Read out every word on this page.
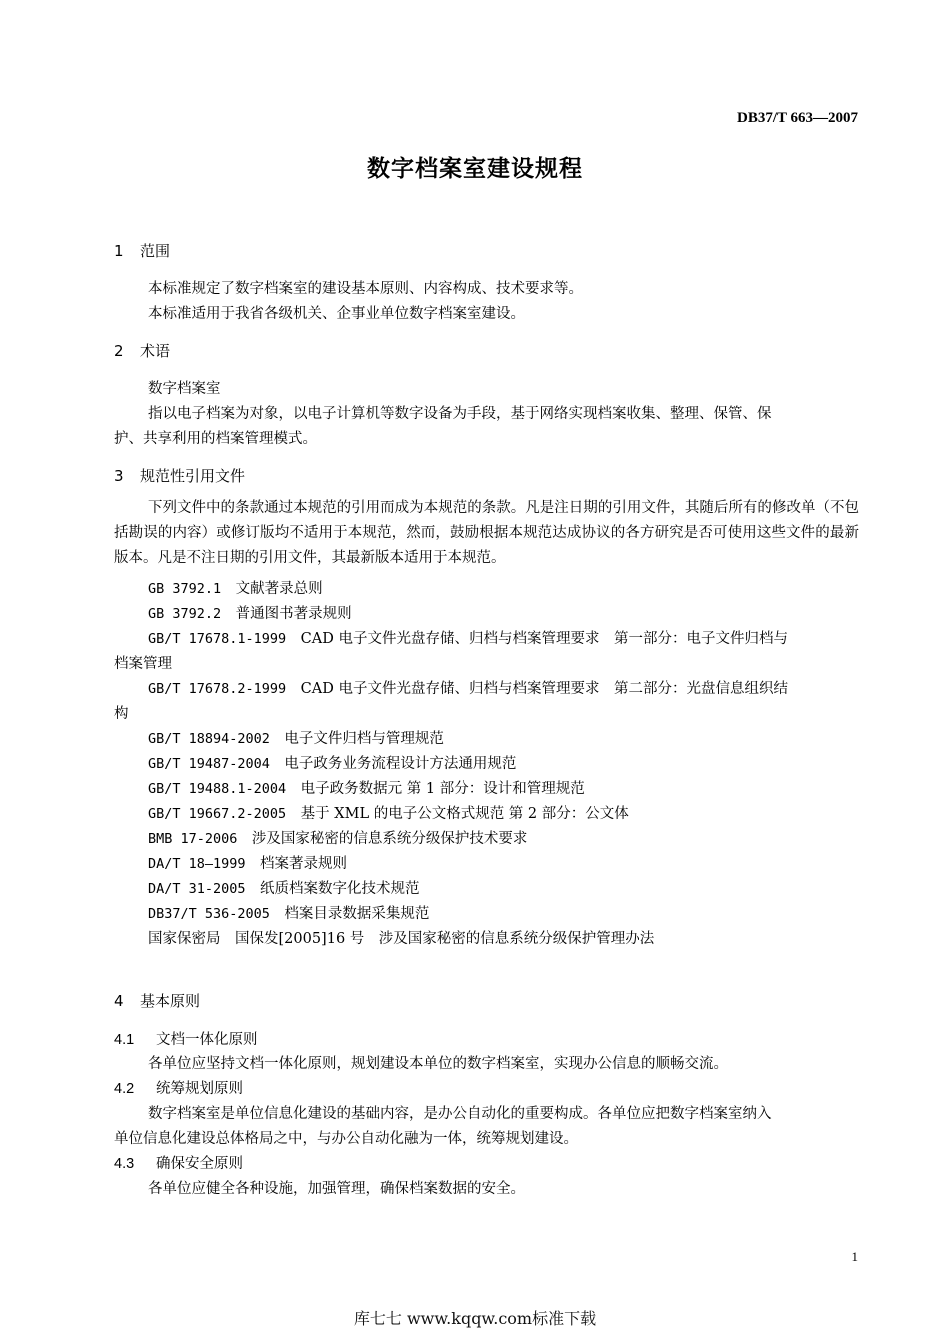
DB37/T 663—2007
数字档案室建设规程
1 范围
本标准规定了数字档案室的建设基本原则、内容构成、技术要求等。
本标准适用于我省各级机关、企事业单位数字档案室建设。
2 术语
数字档案室
指以电子档案为对象，以电子计算机等数字设备为手段，基于网络实现档案收集、整理、保管、保
护、共享利用的档案管理模式。
3 规范性引用文件
下列文件中的条款通过本规范的引用而成为本规范的条款。凡是注日期的引用文件，其随后所有的修改单（不包括勘误的内容）或修订版均不适用于本规范，然而，鼓励根据本规范达成协议的各方研究是否可使用这些文件的最新版本。凡是不注日期的引用文件，其最新版本适用于本规范。
GB 3792.1　 文献著录总则
GB 3792.2　 普通图书著录规则
GB/T 17678.1-1999　 CAD 电子文件光盘存储、归档与档案管理要求　第一部分：电子文件归档与
档案管理
GB/T 17678.2-1999　 CAD 电子文件光盘存储、归档与档案管理要求　第二部分：光盘信息组织结
构
GB/T 18894-2002　 电子文件归档与管理规范
GB/T 19487-2004　 电子政务业务流程设计方法通用规范
GB/T 19488.1-2004　 电子政务数据元 第 1 部分：设计和管理规范
GB/T 19667.2-2005　 基于 XML 的电子公文格式规范 第 2 部分：公文体
BMB 17-2006　 涉及国家秘密的信息系统分级保护技术要求
DA/T 18—1999　 档案著录规则
DA/T 31-2005　 纸质档案数字化技术规范
DB37/T 536-2005　 档案目录数据采集规范
国家保密局　国保发[2005]16 号　 涉及国家秘密的信息系统分级保护管理办法
4 基本原则
4.1 文档一体化原则
各单位应坚持文档一体化原则，规划建设本单位的数字档案室，实现办公信息的顺畅交流。
4.2 统筹规划原则
数字档案室是单位信息化建设的基础内容，是办公自动化的重要构成。各单位应把数字档案室纳入
单位信息化建设总体格局之中，与办公自动化融为一体，统筹规划建设。
4.3 确保安全原则
各单位应健全各种设施，加强管理，确保档案数据的安全。
1
库七七 www.kqqw.com标准下载
